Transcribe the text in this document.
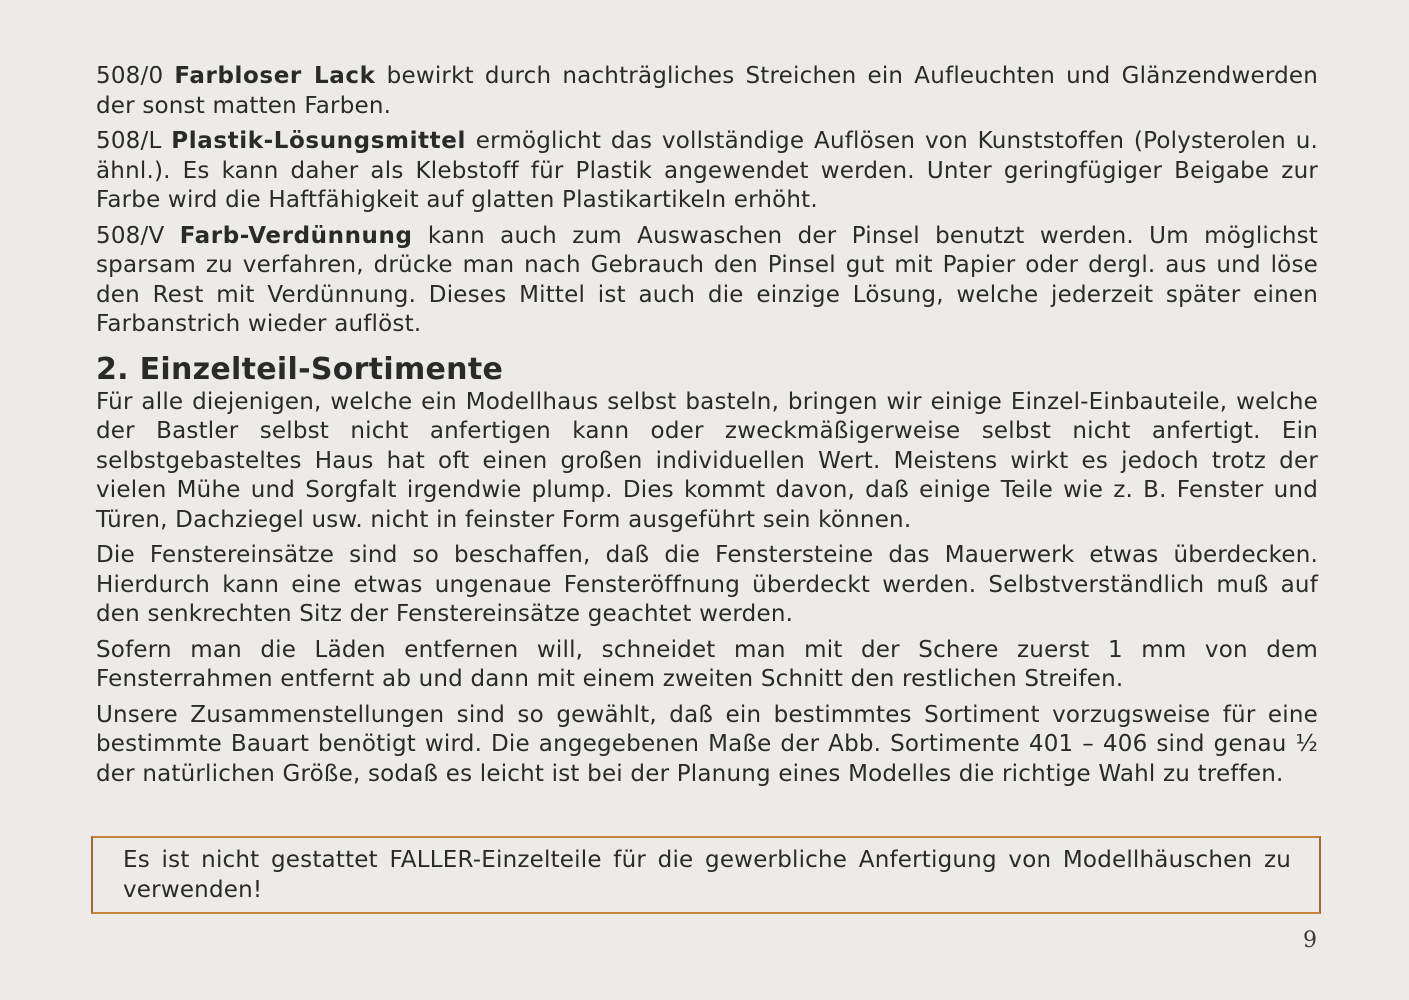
508/0 Farbloser Lack bewirkt durch nachträgliches Streichen ein Aufleuchten und Glänzendwerden der sonst matten Farben.

508/L Plastik-Lösungsmittel ermöglicht das vollständige Auflösen von Kunststoffen (Polysterolen u. ähnl.). Es kann daher als Klebstoff für Plastik angewendet werden. Unter geringfügiger Beigabe zur Farbe wird die Haftfähigkeit auf glatten Plastikartikeln erhöht.

508/V Farb-Verdünnung kann auch zum Auswaschen der Pinsel benutzt werden. Um möglichst sparsam zu verfahren, drücke man nach Gebrauch den Pinsel gut mit Papier oder dergl. aus und löse den Rest mit Verdünnung. Dieses Mittel ist auch die einzige Lösung, welche jederzeit später einen Farbanstrich wieder auflöst.

2. Einzelteil-Sortimente

Für alle diejenigen, welche ein Modellhaus selbst basteln, bringen wir einige Einzel-Einbauteile, welche der Bastler selbst nicht anfertigen kann oder zweckmäßigerweise selbst nicht anfertigt. Ein selbstgebasteltes Haus hat oft einen großen individuellen Wert. Meistens wirkt es jedoch trotz der vielen Mühe und Sorgfalt irgendwie plump. Dies kommt davon, daß einige Teile wie z. B. Fenster und Türen, Dachziegel usw. nicht in feinster Form ausgeführt sein können.

Die Fenstereinsätze sind so beschaffen, daß die Fenstersteine das Mauerwerk etwas überdecken. Hierdurch kann eine etwas ungenaue Fensteröffnung überdeckt werden. Selbstverständlich muß auf den senkrechten Sitz der Fenstereinsätze geachtet werden.

Sofern man die Läden entfernen will, schneidet man mit der Schere zuerst 1 mm von dem Fensterrahmen entfernt ab und dann mit einem zweiten Schnitt den restlichen Streifen.

Unsere Zusammenstellungen sind so gewählt, daß ein bestimmtes Sortiment vorzugsweise für eine bestimmte Bauart benötigt wird. Die angegebenen Maße der Abb. Sortimente 401 – 406 sind genau ½ der natürlichen Größe, sodaß es leicht ist bei der Planung eines Modelles die richtige Wahl zu treffen.

Es ist nicht gestattet FALLER-Einzelteile für die gewerbliche Anfertigung von Modellhäuschen zu verwenden!

9
